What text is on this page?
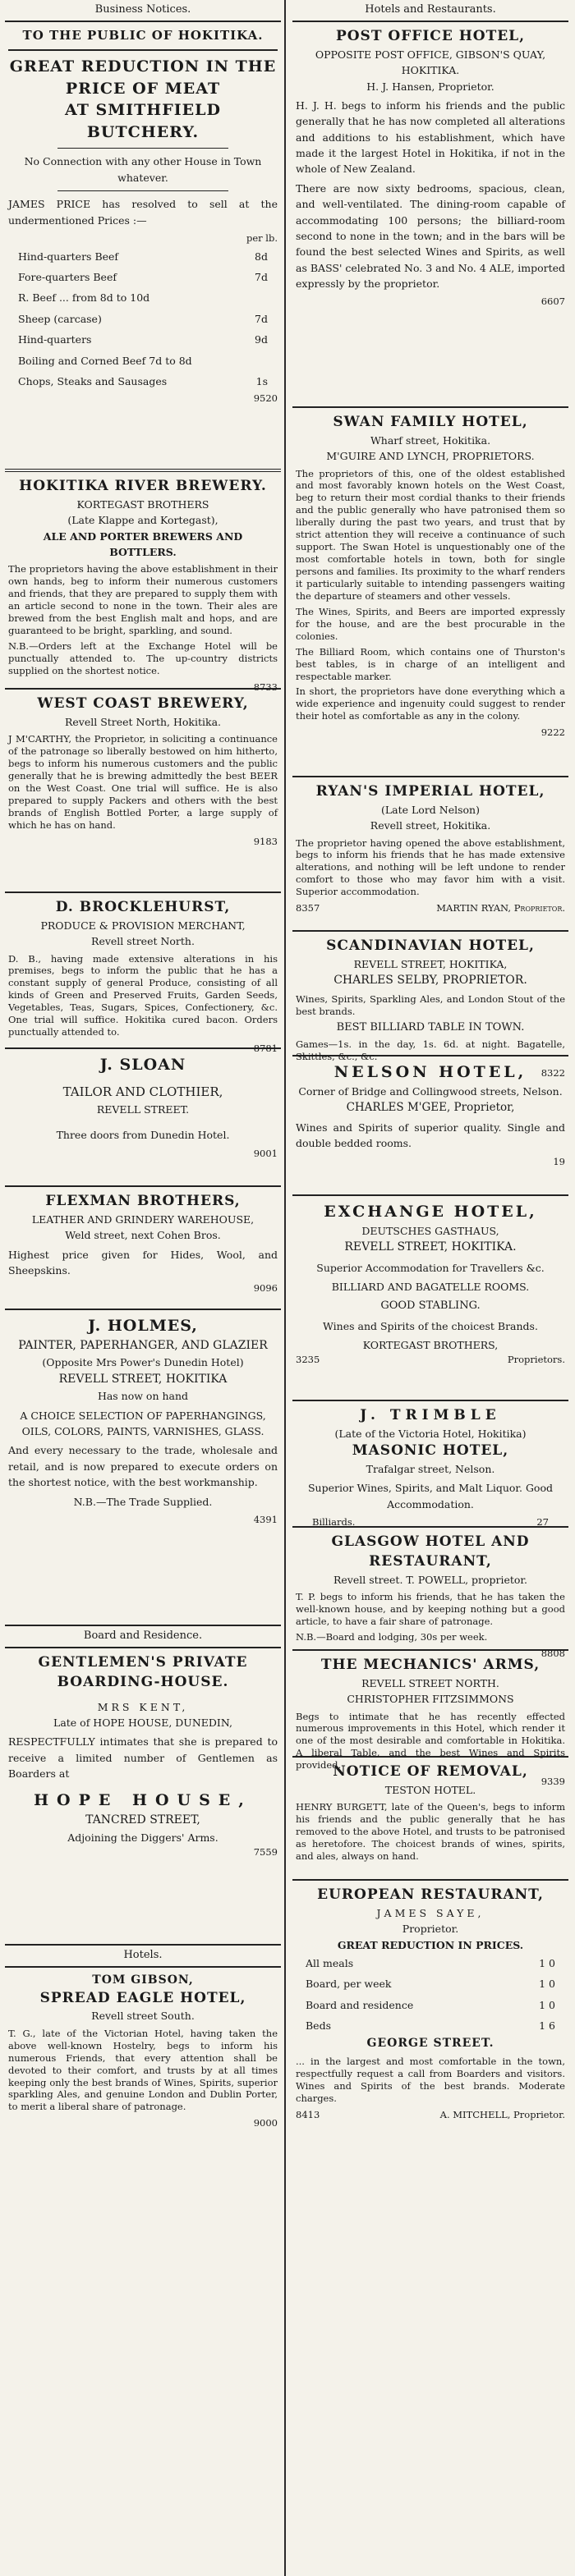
Business Notices.
TO THE PUBLIC OF HOKITIKA.
GREAT REDUCTION IN THE
PRICE OF MEAT
AT SMITHFIELD BUTCHERY.

No Connection with any other House in Town whatever.

JAMES PRICE has resolved to sell at the undermentioned Prices :—

per lb.
Hind-quarters Beef	8d
Fore-quarters Beef	7d
R. Beef ... from 8d to 10d
Sheep (carcase)	7d
Hind-quarters	9d
Boiling and Corned Beef 7d to 8d
Chops, Steaks and Sausages	1s
9520
HOKITIKA RIVER BREWERY.
KORTEGAST BROTHERS
(Late Klappe and Kortegast),
ALE AND PORTER BREWERS AND BOTTLERS.

The proprietors having the above establishment in their own hands, beg to inform their numerous customers and friends, that they are prepared to supply them with an article second to none in the town. Their ales are brewed from the best English malt and hops, and are guaranteed to be bright, sparkling, and sound.

N.B.—Orders left at the Exchange Hotel will be punctually attended to. The up-country districts supplied on the shortest notice.

8733
WEST COAST BREWERY,
Revell Street North, Hokitika.

J M'CARTHY, the Proprietor, in soliciting a continuance of the patronage so liberally bestowed on him hitherto, begs to inform his numerous customers and the public generally that he is brewing admittedly the best BEER on the West Coast. One trial will suffice. He is also prepared to supply Packers and others with the best brands of English Bottled Porter, a large supply of which he has on hand.

9183
D. BROCKLEHURST,
PRODUCE & PROVISION MERCHANT,
Revell street North.

D. B., having made extensive alterations in his premises, begs to inform the public that he has a constant supply of general Produce, consisting of all kinds of Green and Preserved Fruits, Garden Seeds, Vegetables, Teas, Sugars, Spices, Confectionery, &c. One trial will suffice. Hokitika cured bacon. Orders punctually attended to.

8781
J. SLOAN
TAILOR AND CLOTHIER,
REVELL STREET.

Three doors from Dunedin Hotel.

9001
FLEXMAN BROTHERS,
LEATHER AND GRINDERY WAREHOUSE,
Weld street, next Cohen Bros.

Highest price given for Hides, Wool, and Sheepskins.

9096
J. HOLMES,
PAINTER, PAPERHANGER, AND GLAZIER
(Opposite Mrs Power's Dunedin Hotel)
REVELL STREET, HOKITIKA
Has now on hand

A CHOICE SELECTION OF PAPERHANGINGS, OILS, COLORS, PAINTS, VARNISHES, GLASS.

And every necessary to the trade, wholesale and retail, and is now prepared to execute orders on the shortest notice, with the best workmanship.

N.B.—The Trade Supplied.

4391
Board and Residence.
GENTLEMEN'S PRIVATE
BOARDING-HOUSE.
MRS KENT,
Late of HOPE HOUSE, DUNEDIN,

RESPECTFULLY intimates that she is prepared to receive a limited number of Gentlemen as Boarders at

HOPE HOUSE,
TANCRED STREET,
Adjoining the Diggers' Arms.
7559
Hotels.
TOM GIBSON,
SPREAD EAGLE HOTEL,
Revell street South.

T. G., late of the Victorian Hotel, having taken the above well-known Hostelry, begs to inform his numerous Friends, that every attention shall be devoted to their comfort, and trusts by at all times keeping only the best brands of Wines, Spirits, superior sparkling Ales, and genuine London and Dublin Porter, to merit a liberal share of patronage.

9000
Hotels and Restaurants.
POST OFFICE HOTEL,
OPPOSITE POST OFFICE, GIBSON'S QUAY,
HOKITIKA.
H. J. Hansen, Proprietor.

H. J. H. begs to inform his friends and the public generally that he has now completed all alterations and additions to his establishment, which have made it the largest Hotel in Hokitika, if not in the whole of New Zealand.

There are now sixty bedrooms, spacious, clean, and well-ventilated. The dining-room capable of accommodating 100 persons; the billiard-room second to none in the town; and in the bars will be found the best selected Wines and Spirits, as well as BASS' celebrated No. 3 and No. 4 ALE, imported expressly by the proprietor.

6607
SWAN FAMILY HOTEL,
Wharf street, Hokitika.
M'GUIRE AND LYNCH, PROPRIETORS.

The proprietors of this, one of the oldest established and most favorably known hotels on the West Coast, beg to return their most cordial thanks to their friends and the public generally who have patronised them so liberally during the past two years, and trust that by strict attention they will receive a continuance of such support. The Swan Hotel is unquestionably one of the most comfortable hotels in town, both for single persons and families. Its proximity to the wharf renders it particularly suitable to intending passengers waiting the departure of steamers and other vessels.

The Wines, Spirits, and Beers are imported expressly for the house, and are the best procurable in the colonies.

The Billiard Room, which contains one of Thurston's best tables, is in charge of an intelligent and respectable marker.

In short, the proprietors have done everything which a wide experience and ingenuity could suggest to render their hotel as comfortable as any in the colony.

9222
RYAN'S IMPERIAL HOTEL,
(Late Lord Nelson)
Revell street, Hokitika.

The proprietor having opened the above establishment, begs to inform his friends that he has made extensive alterations, and nothing will be left undone to render comfort to those who may favor him with a visit. Superior accommodation.

8357	MARTIN RYAN, Proprietor.
SCANDINAVIAN HOTEL,
REVELL STREET, HOKITIKA,
CHARLES SELBY, PROPRIETOR.

Wines, Spirits, Sparkling Ales, and London Stout of the best brands.

BEST BILLIARD TABLE IN TOWN.

Games—1s. in the day, 1s. 6d. at night. Bagatelle, Skittles, &c., &c.

8322
NELSON HOTEL,
Corner of Bridge and Collingwood streets, Nelson.
CHARLES M'GEE, Proprietor,

Wines and Spirits of superior quality. Single and double bedded rooms.

19
EXCHANGE HOTEL,
DEUTSCHES GASTHAUS,
REVELL STREET, HOKITIKA.

Superior Accommodation for Travellers &c.

BILLIARD AND BAGATELLE ROOMS.

GOOD STABLING.

Wines and Spirits of the choicest Brands.

KORTEGAST BROTHERS,
3235	Proprietors.
J. TRIMBLE
(Late of the Victoria Hotel, Hokitika)
MASONIC HOTEL,
Trafalgar street, Nelson.

Superior Wines, Spirits, and Malt Liquor. Good Accommodation.

Billiards.	27
GLASGOW HOTEL AND RESTAURANT,
Revell street. T. POWELL, proprietor.

T. P. begs to inform his friends, that he has taken the well-known house, and by keeping nothing but a good article, to have a fair share of patronage.

N.B.—Board and lodging, 30s per week.

8808
THE MECHANICS' ARMS,
REVELL STREET NORTH.
CHRISTOPHER FITZSIMMONS

Begs to intimate that he has recently effected numerous improvements in this Hotel, which render it one of the most desirable and comfortable in Hokitika. A liberal Table, and the best Wines and Spirits provided.

9339
NOTICE OF REMOVAL,
TESTON HOTEL.

HENRY BURGETT, late of the Queen's, begs to inform his friends and the public generally that he has removed to the above Hotel, and trusts to be patronised as heretofore. The choicest brands of wines, spirits, and ales, always on hand.

EUROPEAN RESTAURANT,
JAMES SAYE,
Proprietor.
GREAT REDUCTION IN PRICES.
All meals	1 0
Board, per week	1 0
Board and residence	1 0
Beds	1 6
GEORGE STREET.

... in the largest and most comfortable in the town, respectfully request a call from Boarders and visitors. Wines and Spirits of the best brands. Moderate charges.

8413	A. MITCHELL, Proprietor.
